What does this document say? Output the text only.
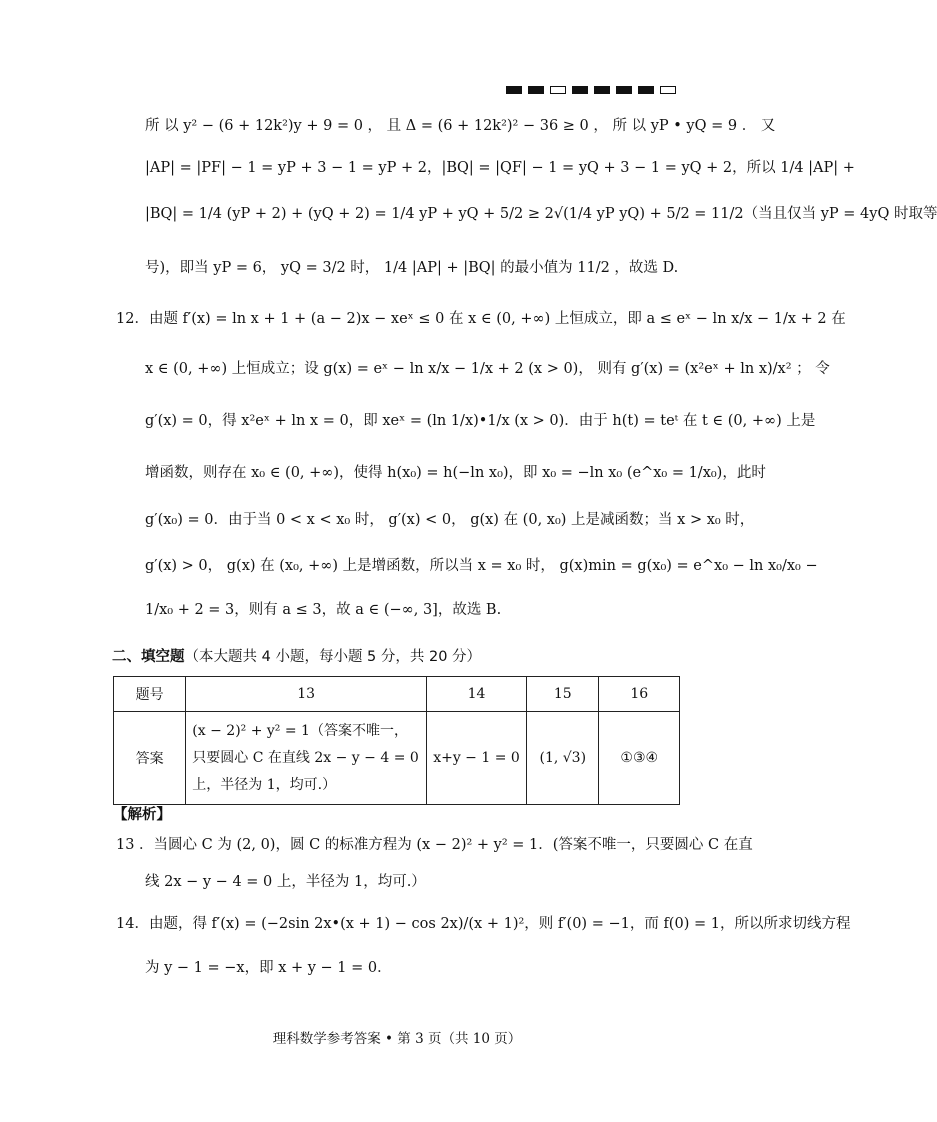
所 以 y² − (6 + 12k²)y + 9 = 0 ， 且 Δ = (6 + 12k²)² − 36 ≥ 0 ， 所 以 yP • yQ = 9 ． 又
|AP| = |PF| − 1 = yP + 3 − 1 = yP + 2，|BQ| = |QF| − 1 = yQ + 3 − 1 = yQ + 2，所以 1/4 |AP| +
|BQ| = 1/4 (yP + 2) + (yQ + 2) = 1/4 yP + yQ + 5/2 ≥ 2√(1/4 yP yQ) + 5/2 = 11/2（当且仅当 yP = 4yQ 时取等
号)，即当 yP = 6， yQ = 3/2 时， 1/4 |AP| + |BQ| 的最小值为 11/2 ，故选 D.
12．由题 f′(x) = ln x + 1 + (a − 2)x − xeˣ ≤ 0 在 x ∈ (0, +∞) 上恒成立，即 a ≤ eˣ − ln x/x − 1/x + 2 在
x ∈ (0, +∞) 上恒成立；设 g(x) = eˣ − ln x/x − 1/x + 2 (x > 0)， 则有 g′(x) = (x²eˣ + ln x)/x² ； 令
g′(x) = 0，得 x²eˣ + ln x = 0，即 xeˣ = (ln 1/x)•1/x (x > 0)．由于 h(t) = teᵗ 在 t ∈ (0, +∞) 上是
增函数，则存在 x₀ ∈ (0, +∞)，使得 h(x₀) = h(−ln x₀)，即 x₀ = −ln x₀ (e^x₀ = 1/x₀)，此时
g′(x₀) = 0．由于当 0 < x < x₀ 时， g′(x) < 0， g(x) 在 (0, x₀) 上是减函数；当 x > x₀ 时，
g′(x) > 0， g(x) 在 (x₀, +∞) 上是增函数，所以当 x = x₀ 时， g(x)min = g(x₀) = e^x₀ − ln x₀/x₀ −
1/x₀ + 2 = 3，则有 a ≤ 3，故 a ∈ (−∞, 3]，故选 B.
二、填空题（本大题共 4 小题，每小题 5 分，共 20 分）
题号	13	14	15	16
答案	(x − 2)² + y² = 1（答案不唯一，只要圆心 C 在直线 2x − y − 4 = 0 上，半径为 1，均可.）	x+y − 1 = 0	(1, √3)	①③④
【解析】
13 ．当圆心 C 为 (2, 0)，圆 C 的标准方程为 (x − 2)² + y² = 1．(答案不唯一，只要圆心 C 在直
线 2x − y − 4 = 0 上，半径为 1，均可.）
14．由题，得 f′(x) = (−2sin 2x•(x + 1) − cos 2x)/(x + 1)²，则 f′(0) = −1，而 f(0) = 1，所以所求切线方程
为 y − 1 = −x，即 x + y − 1 = 0．
理科数学参考答案 • 第 3 页（共 10 页）
